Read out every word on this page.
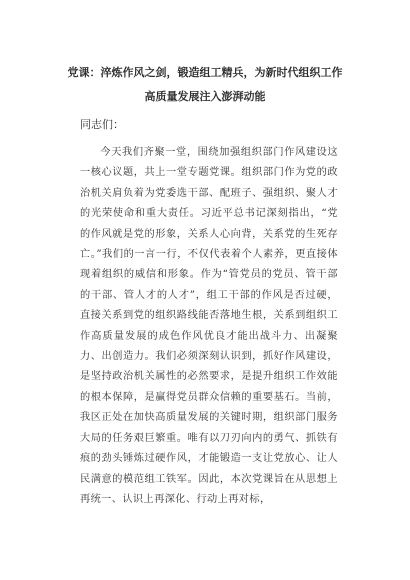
党课：淬炼作风之剑，锻造组工精兵，为新时代组织工作
高质量发展注入澎湃动能
同志们：

今天我们齐聚一堂，围绕加强组织部门作风建设这一核心议题，共上一堂专题党课。组织部门作为党的政治机关肩负着为党委选干部、配班子、强组织、聚人才的光荣使命和重大责任。习近平总书记深刻指出，“党的作风就是党的形象，关系人心向背，关系党的生死存亡。”我们的一言一行，不仅代表着个人素养，更直接体现着组织的威信和形象。作为“管党员的党员、管干部的干部、管人才的人才”，组工干部的作风是否过硬，直接关系到党的组织路线能否落地生根，关系到组织工作高质量发展的成色作风优良才能出战斗力、出凝聚力、出创造力。我们必须深刻认识到，抓好作风建设，是坚持政治机关属性的必然要求，是提升组织工作效能的根本保障，是赢得党员群众信赖的重要基石。当前，我区正处在加快高质量发展的关键时期，组织部门服务大局的任务艰巨繁重。唯有以刀刃向内的勇气、抓铁有痕的劲头锤炼过硬作风，才能锻造一支让党放心、让人民满意的模范组工铁军。因此，本次党课旨在从思想上再统一、认识上再深化、行动上再对标，
